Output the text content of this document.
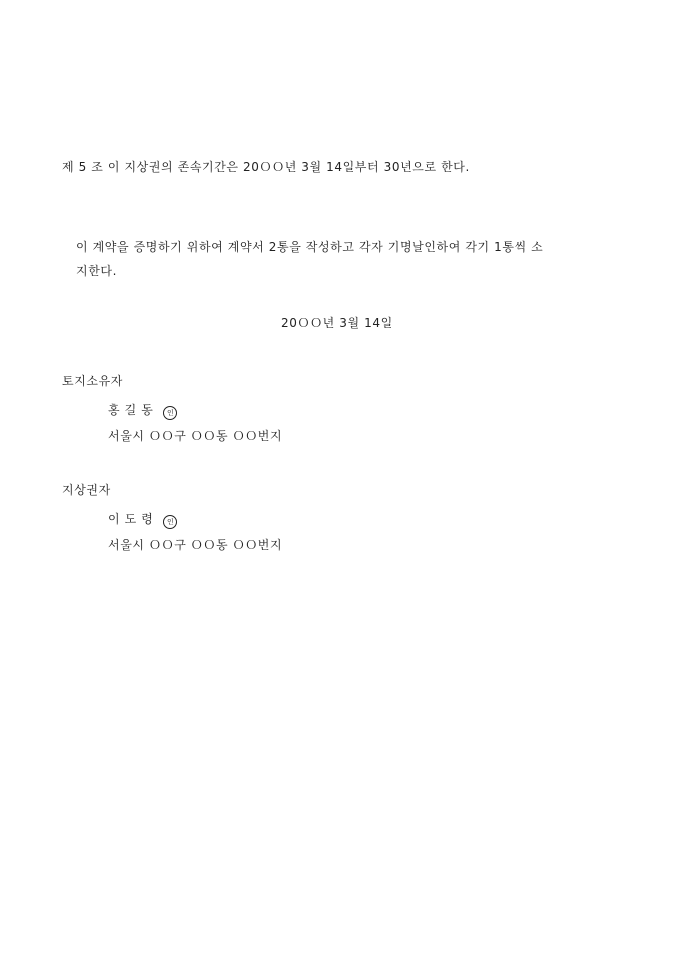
제 5 조 이 지상권의 존속기간은 20ＯＯ년 3월 14일부터 30년으로 한다.
이 계약을 증명하기 위하여 계약서 2통을 작성하고 각자 기명날인하여 각기 1통씩 소
지한다.
20ＯＯ년 3월 14일
토지소유자
홍 길 동 인
서울시 ＯＯ구 ＯＯ동 ＯＯ번지
지상권자
이 도 령 인
서울시 ＯＯ구 ＯＯ동 ＯＯ번지
